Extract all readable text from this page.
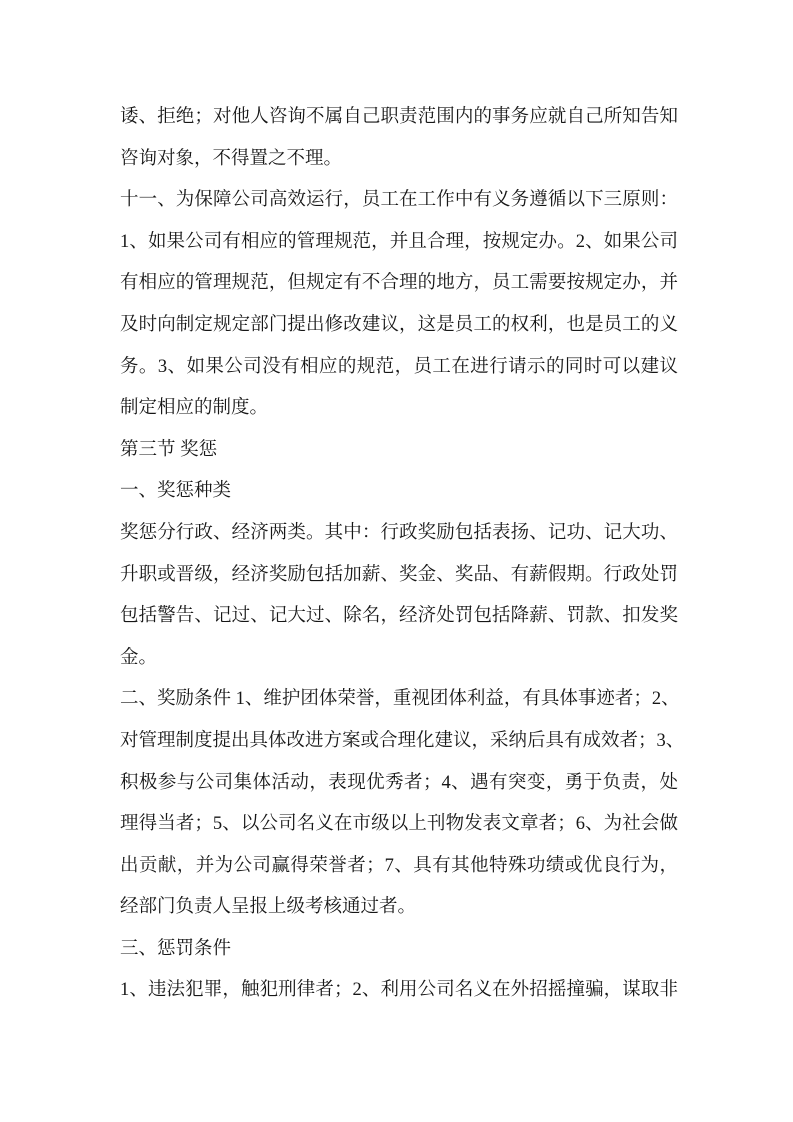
诿、拒绝；对他人咨询不属自己职责范围内的事务应就自己所知告知
咨询对象，不得置之不理。
十一、为保障公司高效运行，员工在工作中有义务遵循以下三原则：
1、如果公司有相应的管理规范，并且合理，按规定办。2、如果公司
有相应的管理规范，但规定有不合理的地方，员工需要按规定办，并
及时向制定规定部门提出修改建议，这是员工的权利，也是员工的义
务。3、如果公司没有相应的规范，员工在进行请示的同时可以建议
制定相应的制度。
第三节 奖惩
一、奖惩种类
奖惩分行政、经济两类。其中：行政奖励包括表扬、记功、记大功、
升职或晋级，经济奖励包括加薪、奖金、奖品、有薪假期。行政处罚
包括警告、记过、记大过、除名，经济处罚包括降薪、罚款、扣发奖
金。
二、奖励条件 1、维护团体荣誉，重视团体利益，有具体事迹者；2、
对管理制度提出具体改进方案或合理化建议，采纳后具有成效者；3、
积极参与公司集体活动，表现优秀者；4、遇有突变，勇于负责，处
理得当者；5、以公司名义在市级以上刊物发表文章者；6、为社会做
出贡献，并为公司赢得荣誉者；7、具有其他特殊功绩或优良行为，
经部门负责人呈报上级考核通过者。
三、惩罚条件
1、违法犯罪，触犯刑律者；2、利用公司名义在外招摇撞骗，谋取非
